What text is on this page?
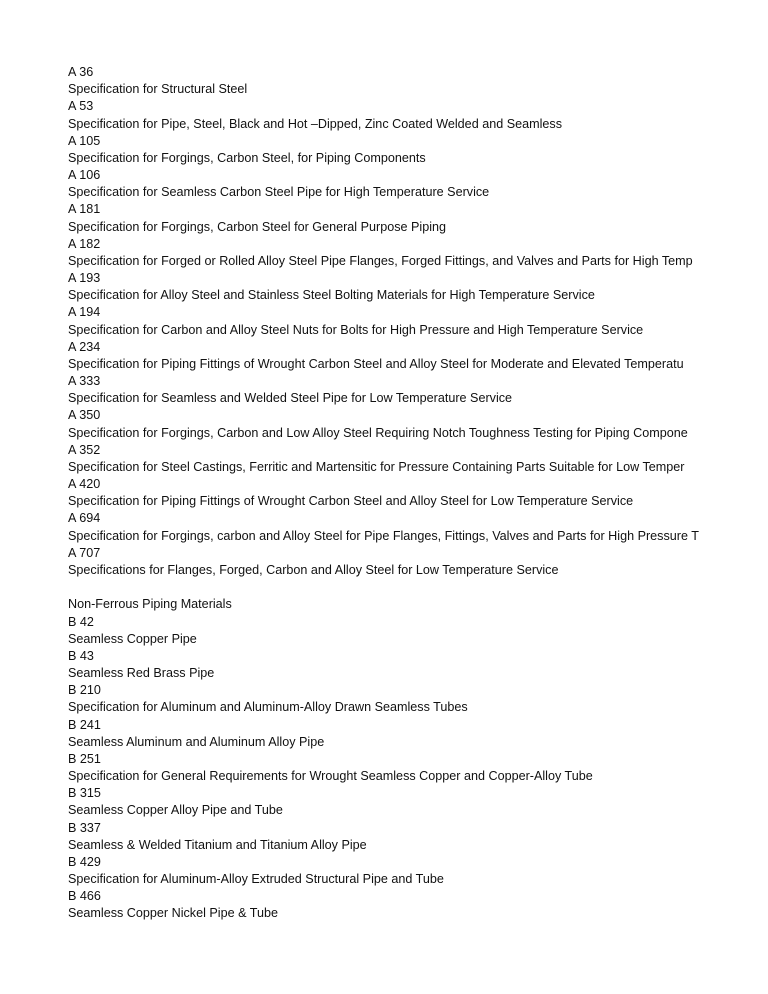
A 36
Specification for Structural Steel
A 53
Specification for Pipe, Steel, Black and Hot –Dipped, Zinc Coated Welded and Seamless
A 105
Specification for Forgings, Carbon Steel, for Piping Components
A 106
Specification for Seamless Carbon Steel Pipe for High Temperature Service
A 181
Specification for Forgings, Carbon Steel for General Purpose Piping
A 182
Specification for Forged or Rolled Alloy Steel Pipe Flanges, Forged Fittings, and Valves and Parts for High Temp
A 193
Specification for Alloy Steel and Stainless Steel Bolting Materials for High Temperature Service
A 194
Specification for Carbon and Alloy Steel Nuts for Bolts for High Pressure and High Temperature Service
A 234
Specification for Piping Fittings of Wrought Carbon Steel and Alloy Steel for Moderate and Elevated Temperatu
A 333
Specification for Seamless and Welded Steel Pipe for Low Temperature Service
A 350
Specification for Forgings, Carbon and Low Alloy Steel Requiring Notch Toughness Testing for Piping Compone
A 352
Specification for Steel Castings, Ferritic and Martensitic for Pressure Containing Parts Suitable for Low Temper
A 420
Specification for Piping Fittings of Wrought Carbon Steel and Alloy Steel for Low Temperature Service
A 694
Specification for Forgings, carbon and Alloy Steel for Pipe Flanges, Fittings, Valves and Parts for High Pressure T
A 707
Specifications for Flanges, Forged, Carbon and Alloy Steel for Low Temperature Service
Non-Ferrous Piping Materials
B 42
Seamless Copper Pipe
B 43
Seamless Red Brass Pipe
B 210
Specification for Aluminum and Aluminum-Alloy Drawn Seamless Tubes
B 241
Seamless Aluminum and Aluminum Alloy Pipe
B 251
Specification for General Requirements for Wrought Seamless Copper and Copper-Alloy Tube
B 315
Seamless Copper Alloy Pipe and Tube
B 337
Seamless & Welded Titanium and Titanium Alloy Pipe
B 429
Specification for Aluminum-Alloy Extruded Structural Pipe and Tube
B 466
Seamless Copper Nickel Pipe & Tube
